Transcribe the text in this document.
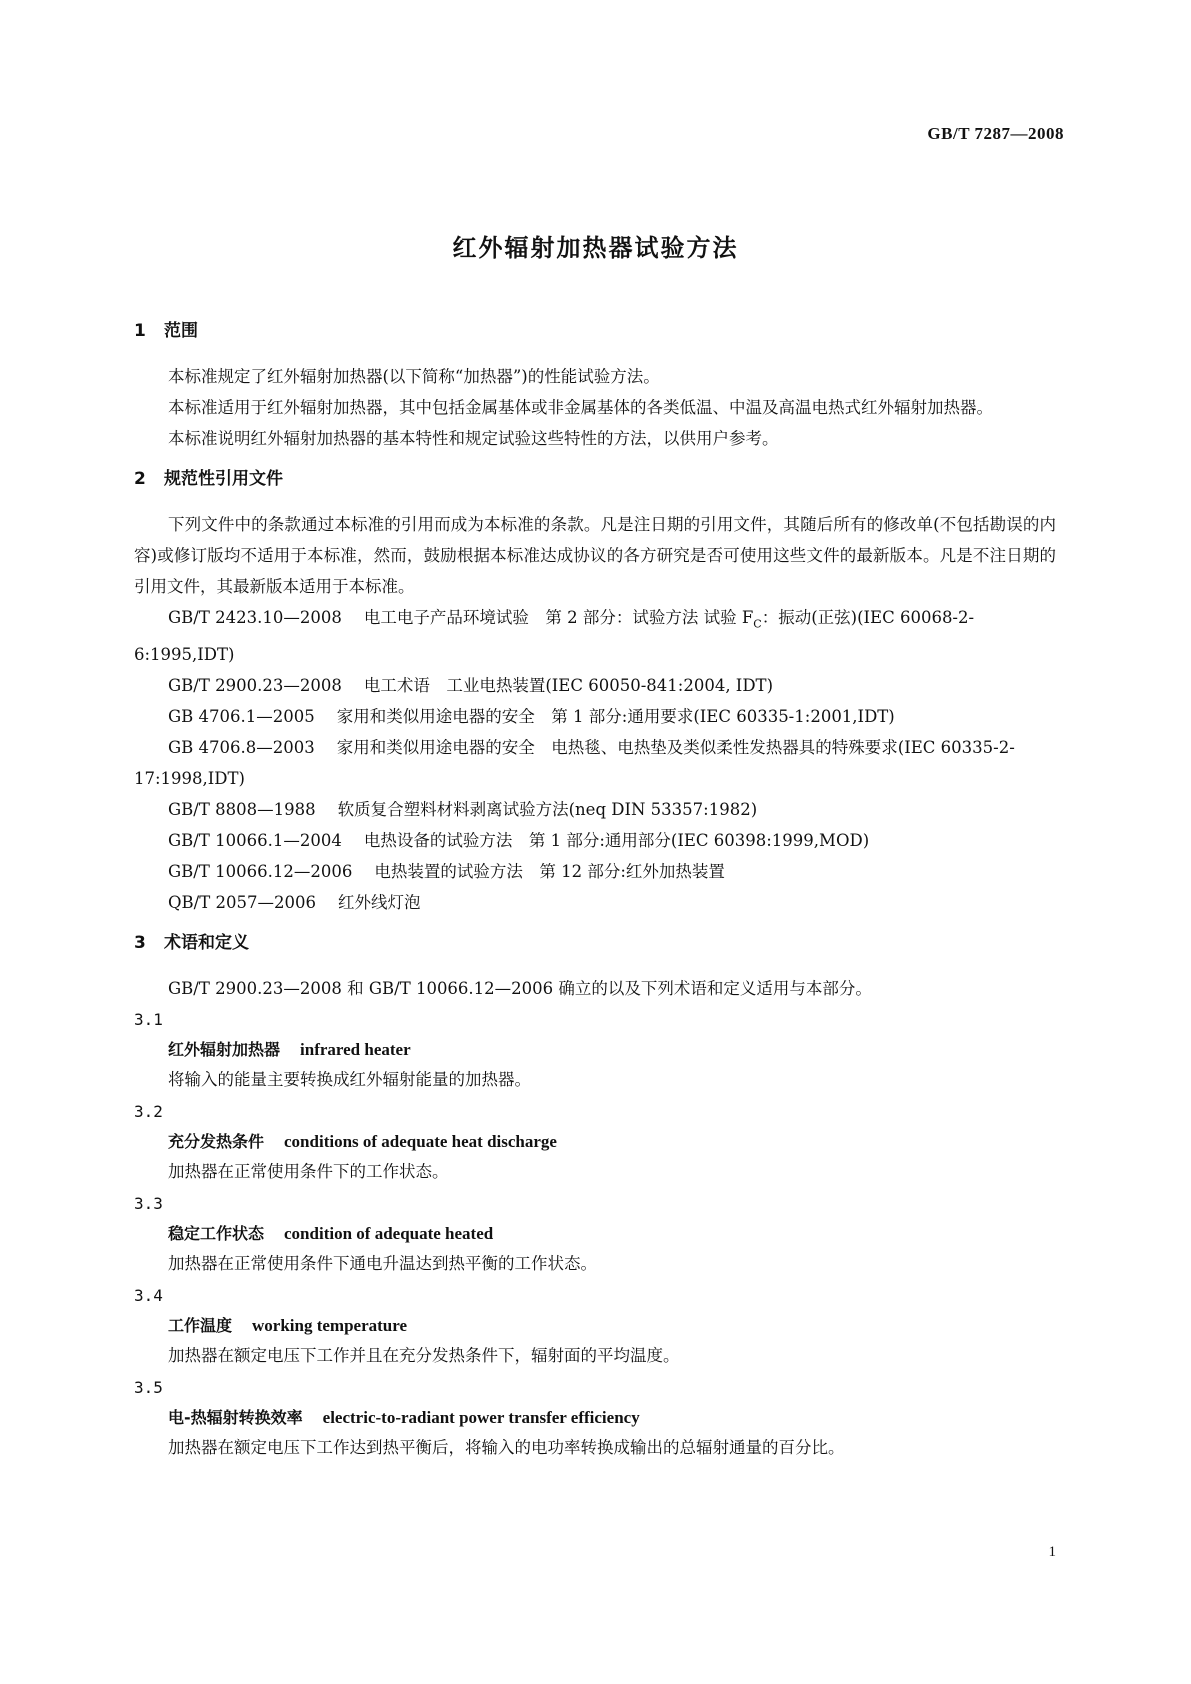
GB/T 7287—2008
红外辐射加热器试验方法
1 范围

本标准规定了红外辐射加热器(以下简称“加热器”)的性能试验方法。

本标准适用于红外辐射加热器，其中包括金属基体或非金属基体的各类低温、中温及高温电热式红外辐射加热器。

本标准说明红外辐射加热器的基本特性和规定试验这些特性的方法，以供用户参考。

2 规范性引用文件

下列文件中的条款通过本标准的引用而成为本标准的条款。凡是注日期的引用文件，其随后所有的修改单(不包括勘误的内容)或修订版均不适用于本标准，然而，鼓励根据本标准达成协议的各方研究是否可使用这些文件的最新版本。凡是不注日期的引用文件，其最新版本适用于本标准。

GB/T 2423.10—2008 电工电子产品环境试验　第 2 部分：试验方法 试验 $F_C$：振动(正弦)(IEC 60068-2-6:1995,IDT)

GB/T 2900.23—2008 电工术语　工业电热装置(IEC 60050-841:2004, IDT)

GB 4706.1—2005 家用和类似用途电器的安全　第 1 部分:通用要求(IEC 60335-1:2001,IDT)

GB 4706.8—2003 家用和类似用途电器的安全　电热毯、电热垫及类似柔性发热器具的特殊要求(IEC 60335-2-17:1998,IDT)

GB/T 8808—1988 软质复合塑料材料剥离试验方法(neq DIN 53357:1982)

GB/T 10066.1—2004 电热设备的试验方法　第 1 部分:通用部分(IEC 60398:1999,MOD)

GB/T 10066.12—2006 电热装置的试验方法　第 12 部分:红外加热装置

QB/T 2057—2006 红外线灯泡

3 术语和定义

GB/T 2900.23—2008 和 GB/T 10066.12—2006 确立的以及下列术语和定义适用与本部分。

3.1
红外辐射加热器 infrared heater
将输入的能量主要转换成红外辐射能量的加热器。
3.2
充分发热条件 conditions of adequate heat discharge
加热器在正常使用条件下的工作状态。
3.3
稳定工作状态 condition of adequate heated
加热器在正常使用条件下通电升温达到热平衡的工作状态。
3.4
工作温度 working temperature
加热器在额定电压下工作并且在充分发热条件下，辐射面的平均温度。
3.5
电-热辐射转换效率 electric-to-radiant power transfer efficiency
加热器在额定电压下工作达到热平衡后，将输入的电功率转换成输出的总辐射通量的百分比。
1
